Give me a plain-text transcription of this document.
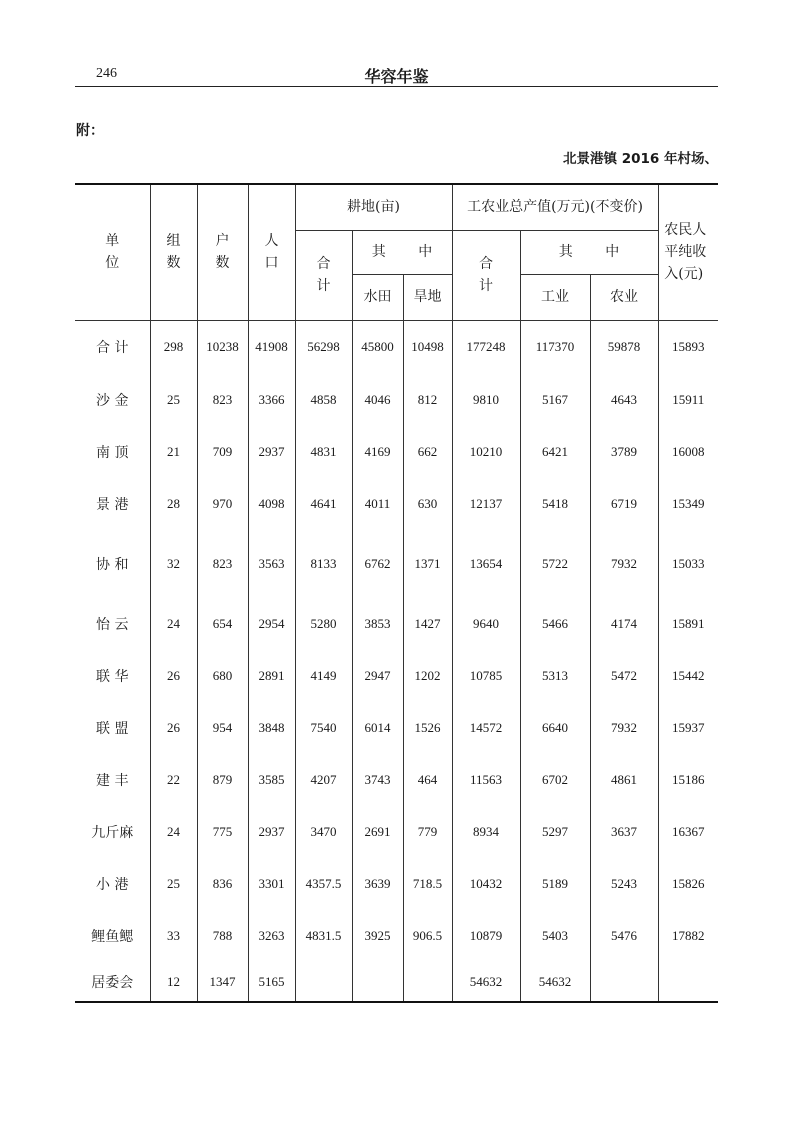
246	华容年鉴
附：
北景港镇 2016 年村场、
单位	组数	户数	人口	耕地(亩)			工农业总产值(万元)(不变价)			农民人平纯收入(元)
				合计	其 中		合计	其 中		
					水田	旱地		工业	农业	
合 计	298	10238	41908	56298	45800	10498	177248	117370	59878	15893
沙 金	25	823	3366	4858	4046	812	9810	5167	4643	15911
南 顶	21	709	2937	4831	4169	662	10210	6421	3789	16008
景 港	28	970	4098	4641	4011	630	12137	5418	6719	15349
协 和	32	823	3563	8133	6762	1371	13654	5722	7932	15033
怡 云	24	654	2954	5280	3853	1427	9640	5466	4174	15891
联 华	26	680	2891	4149	2947	1202	10785	5313	5472	15442
联 盟	26	954	3848	7540	6014	1526	14572	6640	7932	15937
建 丰	22	879	3585	4207	3743	464	11563	6702	4861	15186
九斤麻	24	775	2937	3470	2691	779	8934	5297	3637	16367
小 港	25	836	3301	4357.5	3639	718.5	10432	5189	5243	15826
鲤鱼鳃	33	788	3263	4831.5	3925	906.5	10879	5403	5476	17882
居委会	12	1347	5165				54632	54632		
